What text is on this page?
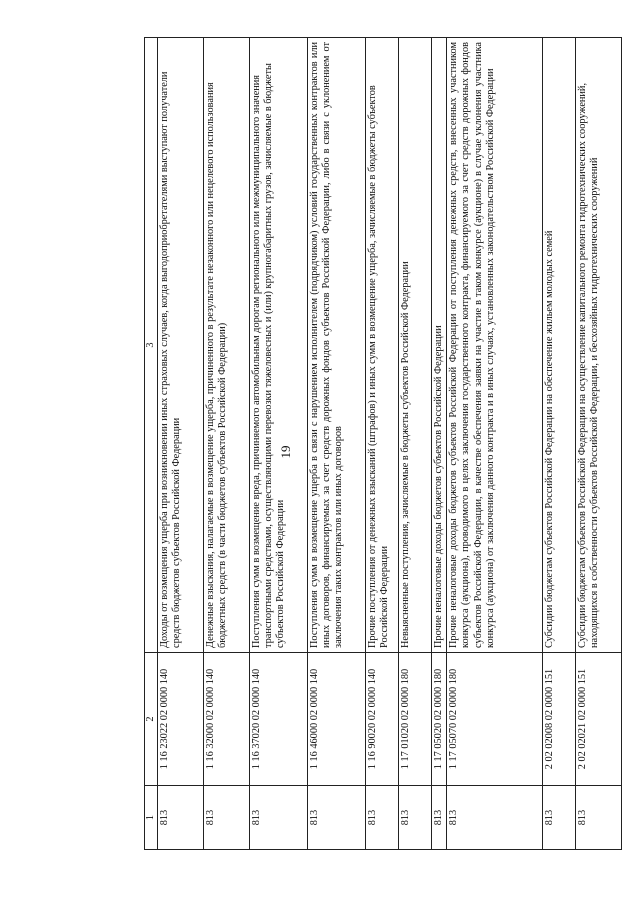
19
1	2	3
813	1 16 23022 02 0000 140	Доходы от возмещения ущерба при возникновении иных страховых случаев, когда выгодоприобретателями выступают получатели средств бюджетов субъектов Российской Федерации
813	1 16 32000 02 0000 140	Денежные взыскания, налагаемые в возмещение ущерба, причиненного в результате незаконного или нецелевого использования бюджетных средств (в части бюджетов субъектов Российской Федерации)
813	1 16 37020 02 0000 140	Поступления сумм в возмещение вреда, причиняемого автомобильным дорогам регионального или межмуниципального значения транспортными средствами, осуществляющими перевозки тяжеловесных и (или) крупногабаритных грузов, зачисляемые в бюджеты субъектов Российской Федерации
813	1 16 46000 02 0000 140	Поступления сумм в возмещение ущерба в связи с нарушением исполнителем (подрядчиком) условий государственных контрактов или иных договоров, финансируемых за счет средств дорожных фондов субъектов Российской Федерации, либо в связи с уклонением от заключения таких контрактов или иных договоров
813	1 16 90020 02 0000 140	Прочие поступления от денежных взысканий (штрафов) и иных сумм в возмещение ущерба, зачисляемые в бюджеты субъектов Российской Федерации
813	1 17 01020 02 0000 180	Невыясненные поступления, зачисляемые в бюджеты субъектов Российской Федерации
813	1 17 05020 02 0000 180	Прочие неналоговые доходы бюджетов субъектов Российской Федерации
813	1 17 05070 02 0000 180	Прочие неналоговые доходы бюджетов субъектов Российской Федерации от поступления денежных средств, внесенных участником конкурса (аукциона), проводимого в целях заключения государственного контракта, финансируемого за счет средств дорожных фондов субъектов Российской Федерации, в качестве обеспечения заявки на участие в таком конкурсе (аукционе) в случае уклонения участника конкурса (аукциона) от заключения данного контракта и в иных случаях, установленных законодательством Российской Федерации
813	2 02 02008 02 0000 151	Субсидии бюджетам субъектов Российской Федерации на обеспечение жильем молодых семей
813	2 02 02021 02 0000 151	Субсидии бюджетам субъектов Российской Федерации на осуществление капитального ремонта гидротехнических сооружений, находящихся в собственности субъектов Российской Федерации, и бесхозяйных гидротехнических сооружений
